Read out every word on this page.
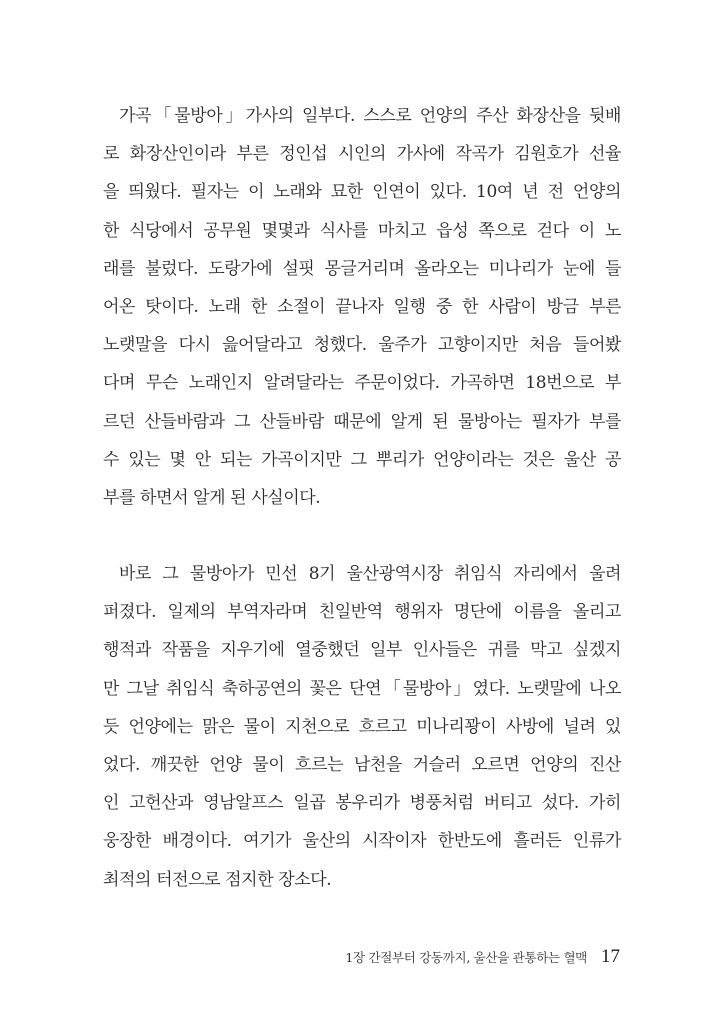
가곡「물방아」가사의 일부다. 스스로 언양의 주산 화장산을 뒷배
로 화장산인이라 부른 정인섭 시인의 가사에 작곡가 김원호가 선율
을 띄웠다. 필자는 이 노래와 묘한 인연이 있다. 10여 년 전 언양의
한 식당에서 공무원 몇몇과 식사를 마치고 읍성 쪽으로 걷다 이 노
래를 불렀다. 도랑가에 설핏 몽글거리며 올라오는 미나리가 눈에 들
어온 탓이다. 노래 한 소절이 끝나자 일행 중 한 사람이 방금 부른
노랫말을 다시 읊어달라고 청했다. 울주가 고향이지만 처음 들어봤
다며 무슨 노래인지 알려달라는 주문이었다. 가곡하면 18번으로 부
르던 산들바람과 그 산들바람 때문에 알게 된 물방아는 필자가 부를
수 있는 몇 안 되는 가곡이지만 그 뿌리가 언양이라는 것은 울산 공
부를 하면서 알게 된 사실이다.
바로 그 물방아가 민선 8기 울산광역시장 취임식 자리에서 울려
퍼졌다. 일제의 부역자라며 친일반역 행위자 명단에 이름을 올리고
행적과 작품을 지우기에 열중했던 일부 인사들은 귀를 막고 싶겠지
만 그날 취임식 축하공연의 꽃은 단연「물방아」였다. 노랫말에 나오
듯 언양에는 맑은 물이 지천으로 흐르고 미나리꽝이 사방에 널려 있
었다. 깨끗한 언양 물이 흐르는 남천을 거슬러 오르면 언양의 진산
인 고헌산과 영남알프스 일곱 봉우리가 병풍처럼 버티고 섰다. 가히
웅장한 배경이다. 여기가 울산의 시작이자 한반도에 흘러든 인류가
최적의 터전으로 점지한 장소다.
1장 간절부터 강동까지, 울산을 관통하는 혈맥 17
